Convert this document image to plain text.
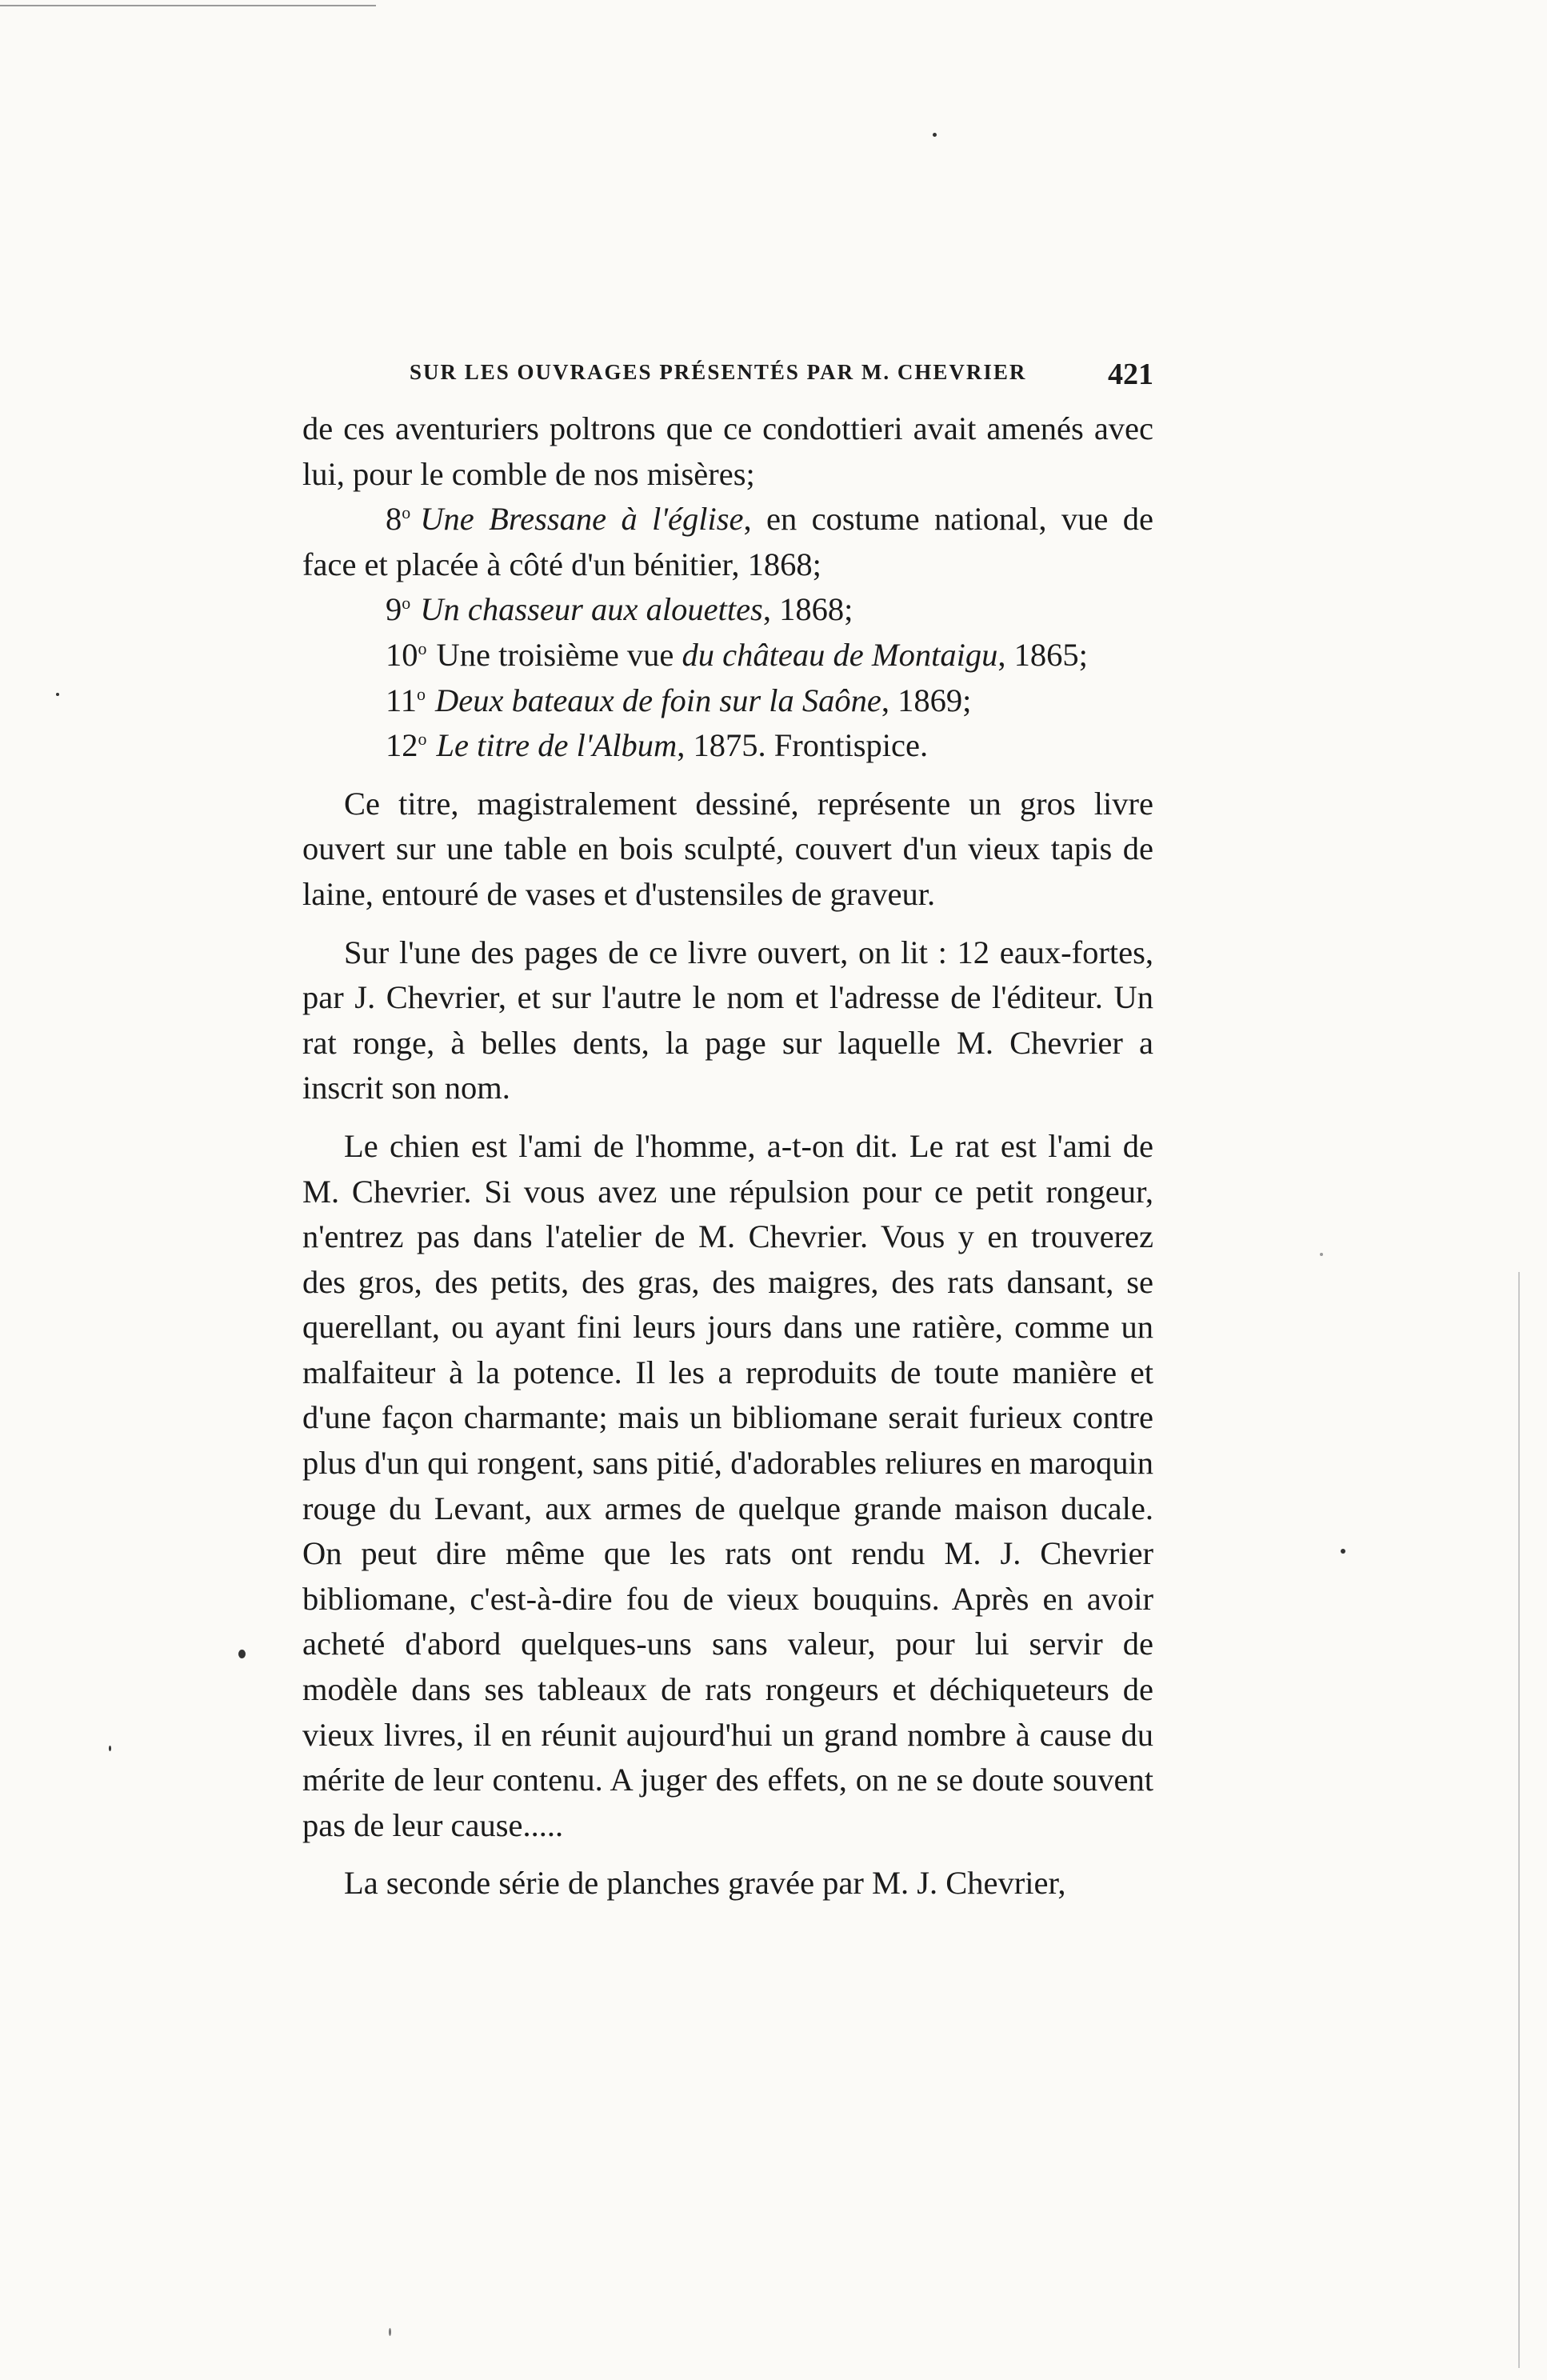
SUR LES OUVRAGES PRÉSENTÉS PAR M. CHEVRIER	421

de ces aventuriers poltrons que ce condottieri avait amenés avec lui, pour le comble de nos misères;

8$^o$ Une Bressane à l'église, en costume national, vue de face et placée à côté d'un bénitier, 1868;

9$^o$ Un chasseur aux alouettes, 1868;

10$^o$ Une troisième vue du château de Montaigu, 1865;

11$^o$ Deux bateaux de foin sur la Saône, 1869;

12$^o$ Le titre de l'Album, 1875. Frontispice.

Ce titre, magistralement dessiné, représente un gros livre ouvert sur une table en bois sculpté, couvert d'un vieux tapis de laine, entouré de vases et d'ustensiles de graveur.

Sur l'une des pages de ce livre ouvert, on lit : 12 eaux-fortes, par J. Chevrier, et sur l'autre le nom et l'adresse de l'éditeur. Un rat ronge, à belles dents, la page sur laquelle M. Chevrier a inscrit son nom.

Le chien est l'ami de l'homme, a-t-on dit. Le rat est l'ami de M. Chevrier. Si vous avez une répulsion pour ce petit rongeur, n'entrez pas dans l'atelier de M. Chevrier. Vous y en trouverez des gros, des petits, des gras, des maigres, des rats dansant, se querellant, ou ayant fini leurs jours dans une ratière, comme un malfaiteur à la potence. Il les a reproduits de toute manière et d'une façon charmante; mais un bibliomane serait furieux contre plus d'un qui rongent, sans pitié, d'adorables reliures en maroquin rouge du Levant, aux armes de quelque grande maison ducale. On peut dire même que les rats ont rendu M. J. Chevrier bibliomane, c'est-à-dire fou de vieux bouquins. Après en avoir acheté d'abord quelques-uns sans valeur, pour lui servir de modèle dans ses tableaux de rats rongeurs et déchiqueteurs de vieux livres, il en réunit aujourd'hui un grand nombre à cause du mérite de leur contenu. A juger des effets, on ne se doute souvent pas de leur cause.....

La seconde série de planches gravée par M. J. Chevrier,
